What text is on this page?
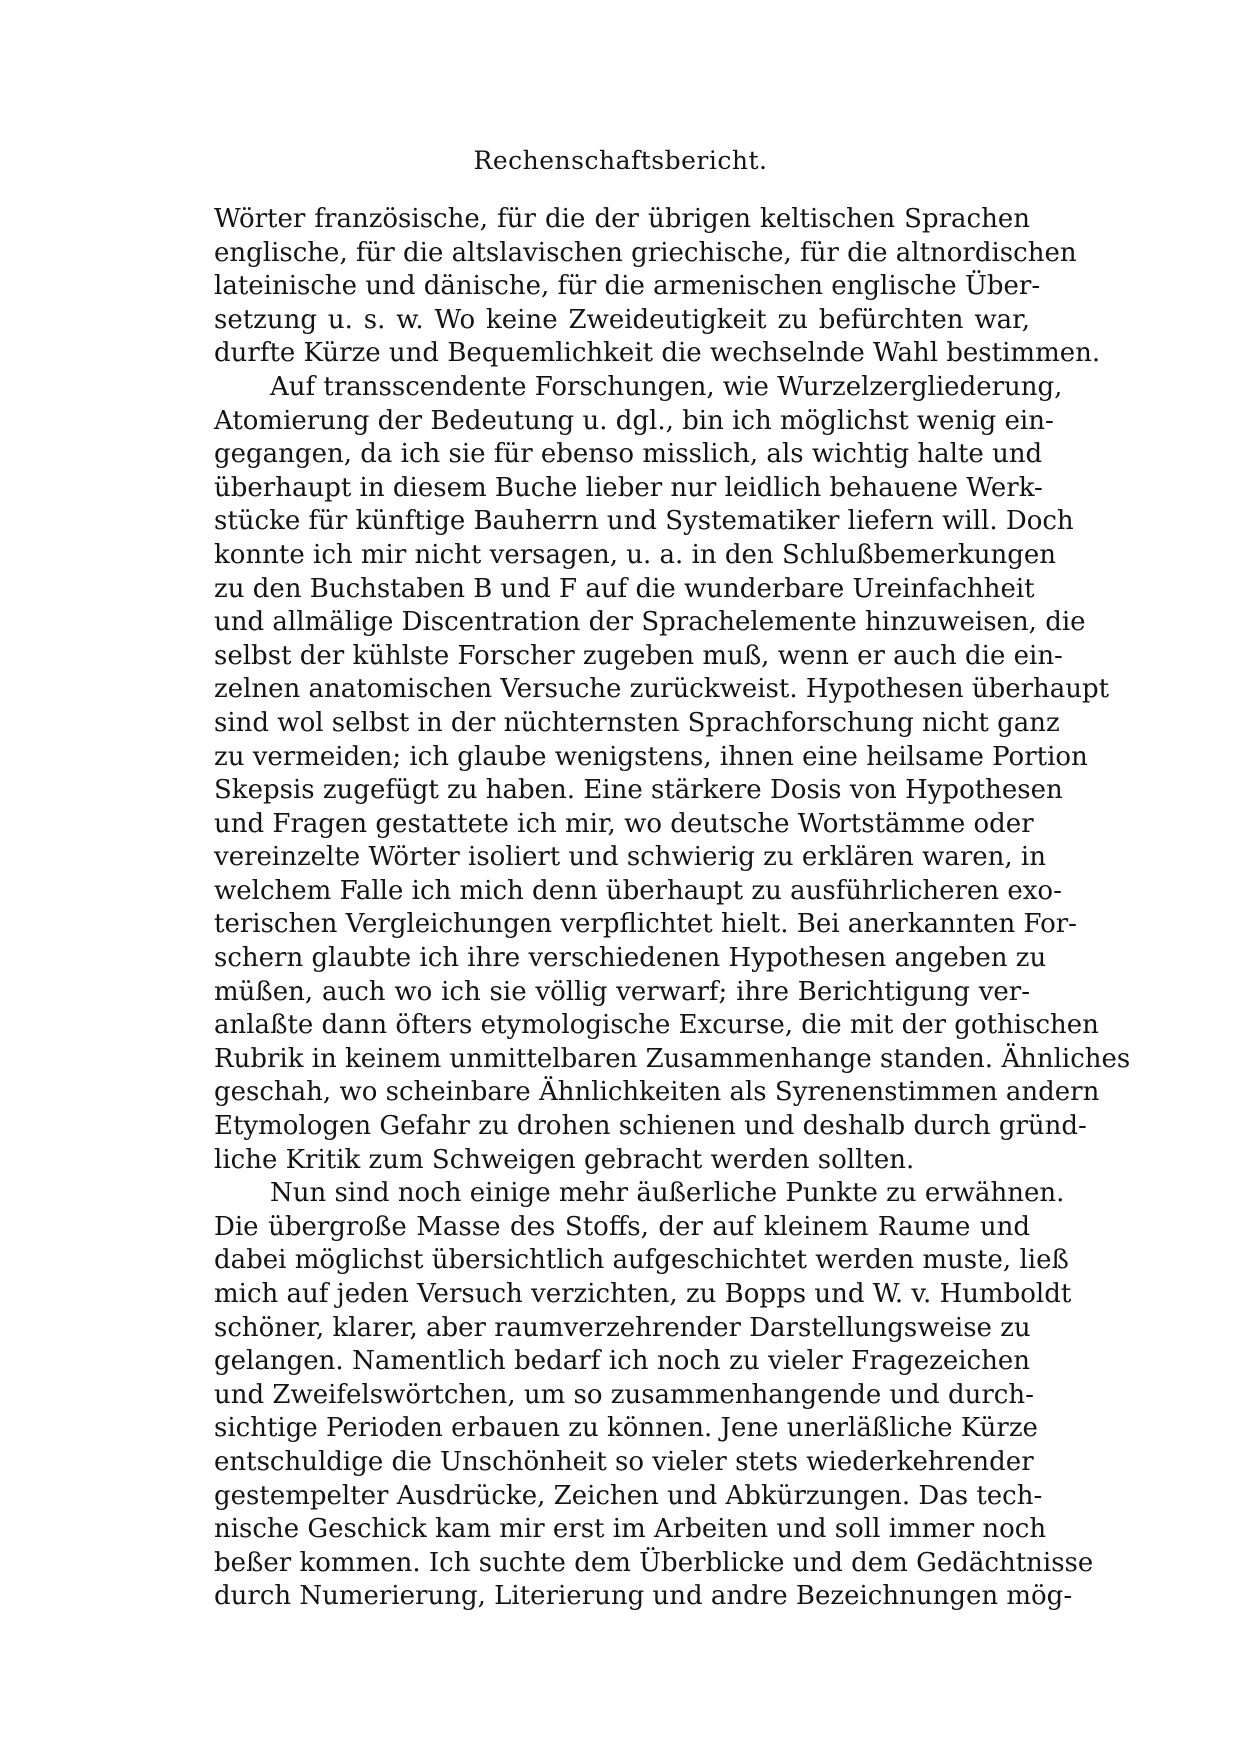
Rechenschaftsbericht.
Wörter französische, für die der übrigen keltischen Sprachen
englische, für die altslavischen griechische, für die altnordischen
lateinische und dänische, für die armenischen englische Über-
setzung u. s. w. Wo keine Zweideutigkeit zu befürchten war,
durfte Kürze und Bequemlichkeit die wechselnde Wahl bestimmen.
Auf transscendente Forschungen, wie Wurzelzergliederung,
Atomierung der Bedeutung u. dgl., bin ich möglichst wenig ein-
gegangen, da ich sie für ebenso misslich, als wichtig halte und
überhaupt in diesem Buche lieber nur leidlich behauene Werk-
stücke für künftige Bauherrn und Systematiker liefern will. Doch
konnte ich mir nicht versagen, u. a. in den Schlußbemerkungen
zu den Buchstaben B und F auf die wunderbare Ureinfachheit
und allmälige Discentration der Sprachelemente hinzuweisen, die
selbst der kühlste Forscher zugeben muß, wenn er auch die ein-
zelnen anatomischen Versuche zurückweist. Hypothesen überhaupt
sind wol selbst in der nüchternsten Sprachforschung nicht ganz
zu vermeiden; ich glaube wenigstens, ihnen eine heilsame Portion
Skepsis zugefügt zu haben. Eine stärkere Dosis von Hypothesen
und Fragen gestattete ich mir, wo deutsche Wortstämme oder
vereinzelte Wörter isoliert und schwierig zu erklären waren, in
welchem Falle ich mich denn überhaupt zu ausführlicheren exo-
terischen Vergleichungen verpflichtet hielt. Bei anerkannten For-
schern glaubte ich ihre verschiedenen Hypothesen angeben zu
müßen, auch wo ich sie völlig verwarf; ihre Berichtigung ver-
anlaßte dann öfters etymologische Excurse, die mit der gothischen
Rubrik in keinem unmittelbaren Zusammenhange standen. Ähnliches
geschah, wo scheinbare Ähnlichkeiten als Syrenenstimmen andern
Etymologen Gefahr zu drohen schienen und deshalb durch gründ-
liche Kritik zum Schweigen gebracht werden sollten.
Nun sind noch einige mehr äußerliche Punkte zu erwähnen.
Die übergroße Masse des Stoffs, der auf kleinem Raume und
dabei möglichst übersichtlich aufgeschichtet werden muste, ließ
mich auf jeden Versuch verzichten, zu Bopps und W. v. Humboldt
schöner, klarer, aber raumverzehrender Darstellungsweise zu
gelangen. Namentlich bedarf ich noch zu vieler Fragezeichen
und Zweifelswörtchen, um so zusammenhangende und durch-
sichtige Perioden erbauen zu können. Jene unerläßliche Kürze
entschuldige die Unschönheit so vieler stets wiederkehrender
gestempelter Ausdrücke, Zeichen und Abkürzungen. Das tech-
nische Geschick kam mir erst im Arbeiten und soll immer noch
beßer kommen. Ich suchte dem Überblicke und dem Gedächtnisse
durch Numerierung, Literierung und andre Bezeichnungen mög-
